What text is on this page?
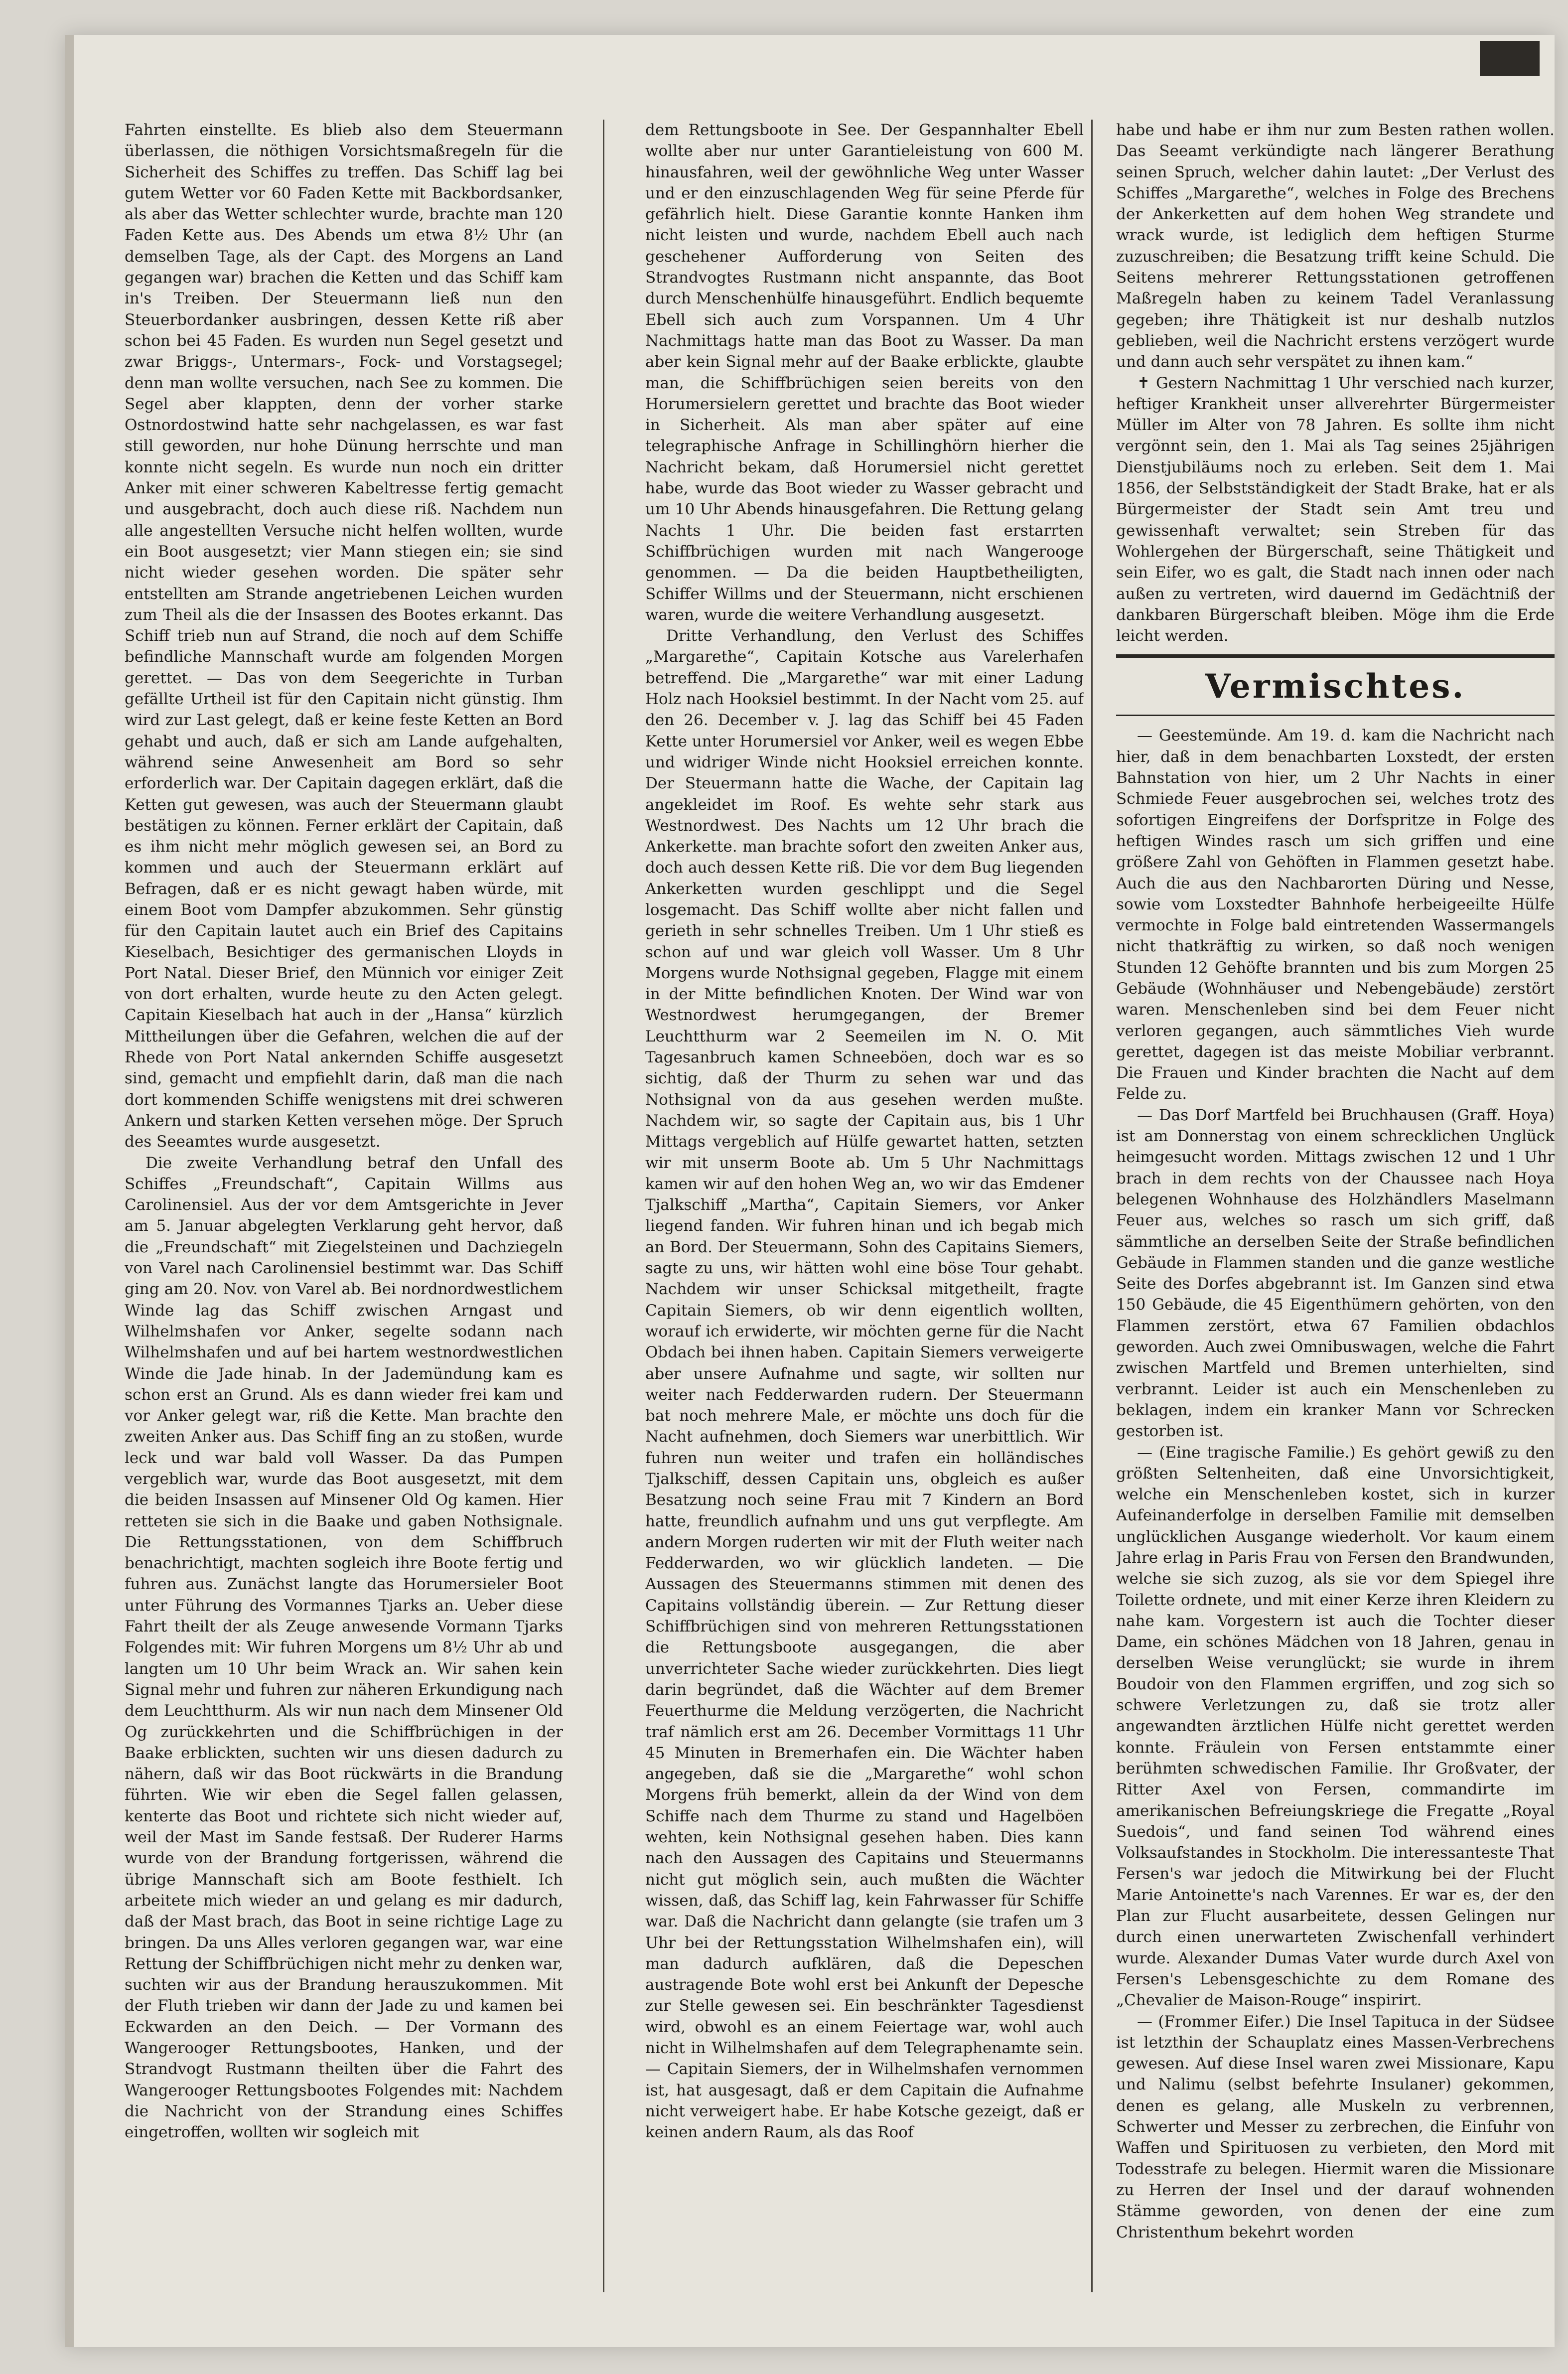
Fahrten einstellte. Es blieb also dem Steuermann überlassen, die nöthigen Vorsichtsmaßregeln für die Sicherheit des Schiffes zu treffen. Das Schiff lag bei gutem Wetter vor 60 Faden Kette mit Backbordsanker, als aber das Wetter schlechter wurde, brachte man 120 Faden Kette aus. Des Abends um etwa 8½ Uhr (an demselben Tage, als der Capt. des Morgens an Land gegangen war) brachen die Ketten und das Schiff kam in's Treiben. Der Steuermann ließ nun den Steuerbordanker ausbringen, dessen Kette riß aber schon bei 45 Faden. Es wurden nun Segel gesetzt und zwar Briggs-, Untermars-, Fock- und Vorstagsegel; denn man wollte versuchen, nach See zu kommen. Die Segel aber klappten, denn der vorher starke Ostnordostwind hatte sehr nachgelassen, es war fast still geworden, nur hohe Dünung herrschte und man konnte nicht segeln. Es wurde nun noch ein dritter Anker mit einer schweren Kabeltresse fertig gemacht und ausgebracht, doch auch diese riß. Nachdem nun alle angestellten Versuche nicht helfen wollten, wurde ein Boot ausgesetzt; vier Mann stiegen ein; sie sind nicht wieder gesehen worden. Die später sehr entstellten am Strande angetriebenen Leichen wurden zum Theil als die der Insassen des Bootes erkannt. Das Schiff trieb nun auf Strand, die noch auf dem Schiffe befindliche Mannschaft wurde am folgenden Morgen gerettet. — Das von dem Seegerichte in Turban gefällte Urtheil ist für den Capitain nicht günstig. Ihm wird zur Last gelegt, daß er keine feste Ketten an Bord gehabt und auch, daß er sich am Lande aufgehalten, während seine Anwesenheit am Bord so sehr erforderlich war. Der Capitain dagegen erklärt, daß die Ketten gut gewesen, was auch der Steuermann glaubt bestätigen zu können. Ferner erklärt der Capitain, daß es ihm nicht mehr möglich gewesen sei, an Bord zu kommen und auch der Steuermann erklärt auf Befragen, daß er es nicht gewagt haben würde, mit einem Boot vom Dampfer abzukommen. Sehr günstig für den Capitain lautet auch ein Brief des Capitains Kieselbach, Besichtiger des germanischen Lloyds in Port Natal. Dieser Brief, den Münnich vor einiger Zeit von dort erhalten, wurde heute zu den Acten gelegt. Capitain Kieselbach hat auch in der „Hansa“ kürzlich Mittheilungen über die Gefahren, welchen die auf der Rhede von Port Natal ankernden Schiffe ausgesetzt sind, gemacht und empfiehlt darin, daß man die nach dort kommenden Schiffe wenigstens mit drei schweren Ankern und starken Ketten versehen möge. Der Spruch des Seeamtes wurde ausgesetzt.

Die zweite Verhandlung betraf den Unfall des Schiffes „Freundschaft“, Capitain Willms aus Carolinensiel. Aus der vor dem Amtsgerichte in Jever am 5. Januar abgelegten Verklarung geht hervor, daß die „Freundschaft“ mit Ziegelsteinen und Dachziegeln von Varel nach Carolinensiel bestimmt war. Das Schiff ging am 20. Nov. von Varel ab. Bei nordnordwestlichem Winde lag das Schiff zwischen Arngast und Wilhelmshafen vor Anker, segelte sodann nach Wilhelmshafen und auf bei hartem westnordwestlichen Winde die Jade hinab. In der Jademündung kam es schon erst an Grund. Als es dann wieder frei kam und vor Anker gelegt war, riß die Kette. Man brachte den zweiten Anker aus. Das Schiff fing an zu stoßen, wurde leck und war bald voll Wasser. Da das Pumpen vergeblich war, wurde das Boot ausgesetzt, mit dem die beiden Insassen auf Minsener Old Og kamen. Hier retteten sie sich in die Baake und gaben Nothsignale. Die Rettungsstationen, von dem Schiffbruch benachrichtigt, machten sogleich ihre Boote fertig und fuhren aus. Zunächst langte das Horumersieler Boot unter Führung des Vormannes Tjarks an. Ueber diese Fahrt theilt der als Zeuge anwesende Vormann Tjarks Folgendes mit: Wir fuhren Morgens um 8½ Uhr ab und langten um 10 Uhr beim Wrack an. Wir sahen kein Signal mehr und fuhren zur näheren Erkundigung nach dem Leuchtthurm. Als wir nun nach dem Minsener Old Og zurückkehrten und die Schiffbrüchigen in der Baake erblickten, suchten wir uns diesen dadurch zu nähern, daß wir das Boot rückwärts in die Brandung führten. Wie wir eben die Segel fallen gelassen, kenterte das Boot und richtete sich nicht wieder auf, weil der Mast im Sande festsaß. Der Ruderer Harms wurde von der Brandung fortgerissen, während die übrige Mannschaft sich am Boote festhielt. Ich arbeitete mich wieder an und gelang es mir dadurch, daß der Mast brach, das Boot in seine richtige Lage zu bringen. Da uns Alles verloren gegangen war, war eine Rettung der Schiffbrüchigen nicht mehr zu denken war, suchten wir aus der Brandung herauszukommen. Mit der Fluth trieben wir dann der Jade zu und kamen bei Eckwarden an den Deich. — Der Vormann des Wangerooger Rettungsbootes, Hanken, und der Strandvogt Rustmann theilten über die Fahrt des Wangerooger Rettungsbootes Folgendes mit: Nachdem die Nachricht von der Strandung eines Schiffes eingetroffen, wollten wir sogleich mit

dem Rettungsboote in See. Der Gespannhalter Ebell wollte aber nur unter Garantieleistung von 600 M. hinausfahren, weil der gewöhnliche Weg unter Wasser und er den einzuschlagenden Weg für seine Pferde für gefährlich hielt. Diese Garantie konnte Hanken ihm nicht leisten und wurde, nachdem Ebell auch nach geschehener Aufforderung von Seiten des Strandvogtes Rustmann nicht anspannte, das Boot durch Menschenhülfe hinausgeführt. Endlich bequemte Ebell sich auch zum Vorspannen. Um 4 Uhr Nachmittags hatte man das Boot zu Wasser. Da man aber kein Signal mehr auf der Baake erblickte, glaubte man, die Schiffbrüchigen seien bereits von den Horumersielern gerettet und brachte das Boot wieder in Sicherheit. Als man aber später auf eine telegraphische Anfrage in Schillinghörn hierher die Nachricht bekam, daß Horumersiel nicht gerettet habe, wurde das Boot wieder zu Wasser gebracht und um 10 Uhr Abends hinausgefahren. Die Rettung gelang Nachts 1 Uhr. Die beiden fast erstarrten Schiffbrüchigen wurden mit nach Wangerooge genommen. — Da die beiden Hauptbetheiligten, Schiffer Willms und der Steuermann, nicht erschienen waren, wurde die weitere Verhandlung ausgesetzt.

Dritte Verhandlung, den Verlust des Schiffes „Margarethe“, Capitain Kotsche aus Varelerhafen betreffend. Die „Margarethe“ war mit einer Ladung Holz nach Hooksiel bestimmt. In der Nacht vom 25. auf den 26. December v. J. lag das Schiff bei 45 Faden Kette unter Horumersiel vor Anker, weil es wegen Ebbe und widriger Winde nicht Hooksiel erreichen konnte. Der Steuermann hatte die Wache, der Capitain lag angekleidet im Roof. Es wehte sehr stark aus Westnordwest. Des Nachts um 12 Uhr brach die Ankerkette. man brachte sofort den zweiten Anker aus, doch auch dessen Kette riß. Die vor dem Bug liegenden Ankerketten wurden geschlippt und die Segel losgemacht. Das Schiff wollte aber nicht fallen und gerieth in sehr schnelles Treiben. Um 1 Uhr stieß es schon auf und war gleich voll Wasser. Um 8 Uhr Morgens wurde Nothsignal gegeben, Flagge mit einem in der Mitte befindlichen Knoten. Der Wind war von Westnordwest herumgegangen, der Bremer Leuchtthurm war 2 Seemeilen im N. O. Mit Tagesanbruch kamen Schneeböen, doch war es so sichtig, daß der Thurm zu sehen war und das Nothsignal von da aus gesehen werden mußte. Nachdem wir, so sagte der Capitain aus, bis 1 Uhr Mittags vergeblich auf Hülfe gewartet hatten, setzten wir mit unserm Boote ab. Um 5 Uhr Nachmittags kamen wir auf den hohen Weg an, wo wir das Emdener Tjalkschiff „Martha“, Capitain Siemers, vor Anker liegend fanden. Wir fuhren hinan und ich begab mich an Bord. Der Steuermann, Sohn des Capitains Siemers, sagte zu uns, wir hätten wohl eine böse Tour gehabt. Nachdem wir unser Schicksal mitgetheilt, fragte Capitain Siemers, ob wir denn eigentlich wollten, worauf ich erwiderte, wir möchten gerne für die Nacht Obdach bei ihnen haben. Capitain Siemers verweigerte aber unsere Aufnahme und sagte, wir sollten nur weiter nach Fedderwarden rudern. Der Steuermann bat noch mehrere Male, er möchte uns doch für die Nacht aufnehmen, doch Siemers war unerbittlich. Wir fuhren nun weiter und trafen ein holländisches Tjalkschiff, dessen Capitain uns, obgleich es außer Besatzung noch seine Frau mit 7 Kindern an Bord hatte, freundlich aufnahm und uns gut verpflegte. Am andern Morgen ruderten wir mit der Fluth weiter nach Fedderwarden, wo wir glücklich landeten. — Die Aussagen des Steuermanns stimmen mit denen des Capitains vollständig überein. — Zur Rettung dieser Schiffbrüchigen sind von mehreren Rettungsstationen die Rettungsboote ausgegangen, die aber unverrichteter Sache wieder zurückkehrten. Dies liegt darin begründet, daß die Wächter auf dem Bremer Feuerthurme die Meldung verzögerten, die Nachricht traf nämlich erst am 26. December Vormittags 11 Uhr 45 Minuten in Bremerhafen ein. Die Wächter haben angegeben, daß sie die „Margarethe“ wohl schon Morgens früh bemerkt, allein da der Wind von dem Schiffe nach dem Thurme zu stand und Hagelböen wehten, kein Nothsignal gesehen haben. Dies kann nach den Aussagen des Capitains und Steuermanns nicht gut möglich sein, auch mußten die Wächter wissen, daß, das Schiff lag, kein Fahrwasser für Schiffe war. Daß die Nachricht dann gelangte (sie trafen um 3 Uhr bei der Rettungsstation Wilhelmshafen ein), will man dadurch aufklären, daß die Depeschen austragende Bote wohl erst bei Ankunft der Depesche zur Stelle gewesen sei. Ein beschränkter Tagesdienst wird, obwohl es an einem Feiertage war, wohl auch nicht in Wilhelmshafen auf dem Telegraphenamte sein. — Capitain Siemers, der in Wilhelmshafen vernommen ist, hat ausgesagt, daß er dem Capitain die Aufnahme nicht verweigert habe. Er habe Kotsche gezeigt, daß er keinen andern Raum, als das Roof

habe und habe er ihm nur zum Besten rathen wollen. Das Seeamt verkündigte nach längerer Berathung seinen Spruch, welcher dahin lautet: „Der Verlust des Schiffes „Margarethe“, welches in Folge des Brechens der Ankerketten auf dem hohen Weg strandete und wrack wurde, ist lediglich dem heftigen Sturme zuzuschreiben; die Besatzung trifft keine Schuld. Die Seitens mehrerer Rettungsstationen getroffenen Maßregeln haben zu keinem Tadel Veranlassung gegeben; ihre Thätigkeit ist nur deshalb nutzlos geblieben, weil die Nachricht erstens verzögert wurde und dann auch sehr verspätet zu ihnen kam.“

✝ Gestern Nachmittag 1 Uhr verschied nach kurzer, heftiger Krankheit unser allverehrter Bürgermeister Müller im Alter von 78 Jahren. Es sollte ihm nicht vergönnt sein, den 1. Mai als Tag seines 25jährigen Dienstjubiläums noch zu erleben. Seit dem 1. Mai 1856, der Selbstständigkeit der Stadt Brake, hat er als Bürgermeister der Stadt sein Amt treu und gewissenhaft verwaltet; sein Streben für das Wohlergehen der Bürgerschaft, seine Thätigkeit und sein Eifer, wo es galt, die Stadt nach innen oder nach außen zu vertreten, wird dauernd im Gedächtniß der dankbaren Bürgerschaft bleiben. Möge ihm die Erde leicht werden.

Vermischtes.

— Geestemünde. Am 19. d. kam die Nachricht nach hier, daß in dem benachbarten Loxstedt, der ersten Bahnstation von hier, um 2 Uhr Nachts in einer Schmiede Feuer ausgebrochen sei, welches trotz des sofortigen Eingreifens der Dorfspritze in Folge des heftigen Windes rasch um sich griffen und eine größere Zahl von Gehöften in Flammen gesetzt habe. Auch die aus den Nachbarorten Düring und Nesse, sowie vom Loxstedter Bahnhofe herbeigeeilte Hülfe vermochte in Folge bald eintretenden Wassermangels nicht thatkräftig zu wirken, so daß noch wenigen Stunden 12 Gehöfte brannten und bis zum Morgen 25 Gebäude (Wohnhäuser und Nebengebäude) zerstört waren. Menschenleben sind bei dem Feuer nicht verloren gegangen, auch sämmtliches Vieh wurde gerettet, dagegen ist das meiste Mobiliar verbrannt. Die Frauen und Kinder brachten die Nacht auf dem Felde zu.

— Das Dorf Martfeld bei Bruchhausen (Graff. Hoya) ist am Donnerstag von einem schrecklichen Unglück heimgesucht worden. Mittags zwischen 12 und 1 Uhr brach in dem rechts von der Chaussee nach Hoya belegenen Wohnhause des Holzhändlers Maselmann Feuer aus, welches so rasch um sich griff, daß sämmtliche an derselben Seite der Straße befindlichen Gebäude in Flammen standen und die ganze westliche Seite des Dorfes abgebrannt ist. Im Ganzen sind etwa 150 Gebäude, die 45 Eigenthümern gehörten, von den Flammen zerstört, etwa 67 Familien obdachlos geworden. Auch zwei Omnibuswagen, welche die Fahrt zwischen Martfeld und Bremen unterhielten, sind verbrannt. Leider ist auch ein Menschenleben zu beklagen, indem ein kranker Mann vor Schrecken gestorben ist.

— (Eine tragische Familie.) Es gehört gewiß zu den größten Seltenheiten, daß eine Unvorsichtigkeit, welche ein Menschenleben kostet, sich in kurzer Aufeinanderfolge in derselben Familie mit demselben unglücklichen Ausgange wiederholt. Vor kaum einem Jahre erlag in Paris Frau von Fersen den Brandwunden, welche sie sich zuzog, als sie vor dem Spiegel ihre Toilette ordnete, und mit einer Kerze ihren Kleidern zu nahe kam. Vorgestern ist auch die Tochter dieser Dame, ein schönes Mädchen von 18 Jahren, genau in derselben Weise verunglückt; sie wurde in ihrem Boudoir von den Flammen ergriffen, und zog sich so schwere Verletzungen zu, daß sie trotz aller angewandten ärztlichen Hülfe nicht gerettet werden konnte. Fräulein von Fersen entstammte einer berühmten schwedischen Familie. Ihr Großvater, der Ritter Axel von Fersen, commandirte im amerikanischen Befreiungskriege die Fregatte „Royal Suedois“, und fand seinen Tod während eines Volksaufstandes in Stockholm. Die interessanteste That Fersen's war jedoch die Mitwirkung bei der Flucht Marie Antoinette's nach Varennes. Er war es, der den Plan zur Flucht ausarbeitete, dessen Gelingen nur durch einen unerwarteten Zwischenfall verhindert wurde. Alexander Dumas Vater wurde durch Axel von Fersen's Lebensgeschichte zu dem Romane des „Chevalier de Maison-Rouge“ inspirirt.

— (Frommer Eifer.) Die Insel Tapituca in der Südsee ist letzthin der Schauplatz eines Massen-Verbrechens gewesen. Auf diese Insel waren zwei Missionare, Kapu und Nalimu (selbst befehrte Insulaner) gekommen, denen es gelang, alle Muskeln zu verbrennen, Schwerter und Messer zu zerbrechen, die Einfuhr von Waffen und Spirituosen zu verbieten, den Mord mit Todesstrafe zu belegen. Hiermit waren die Missionare zu Herren der Insel und der darauf wohnenden Stämme geworden, von denen der eine zum Christenthum bekehrt worden
